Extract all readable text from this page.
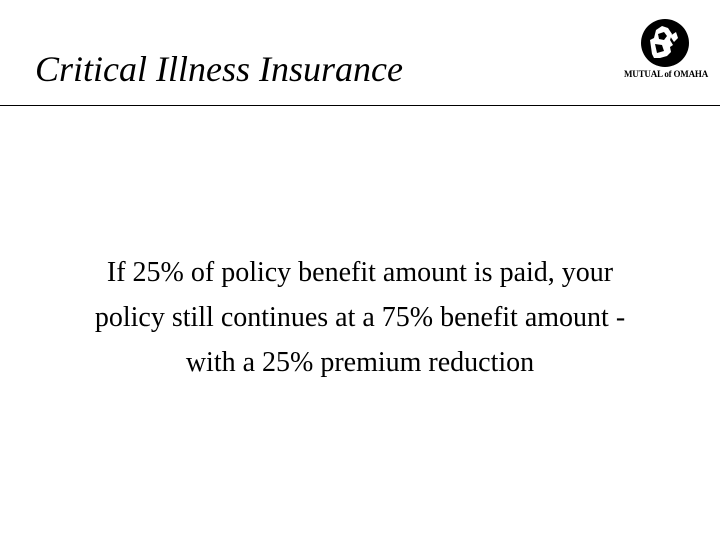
Critical Illness Insurance	MUTUAL of OMAHA

If 25% of policy benefit amount is paid, your
policy still continues at a 75% benefit amount -
with a 25% premium reduction
